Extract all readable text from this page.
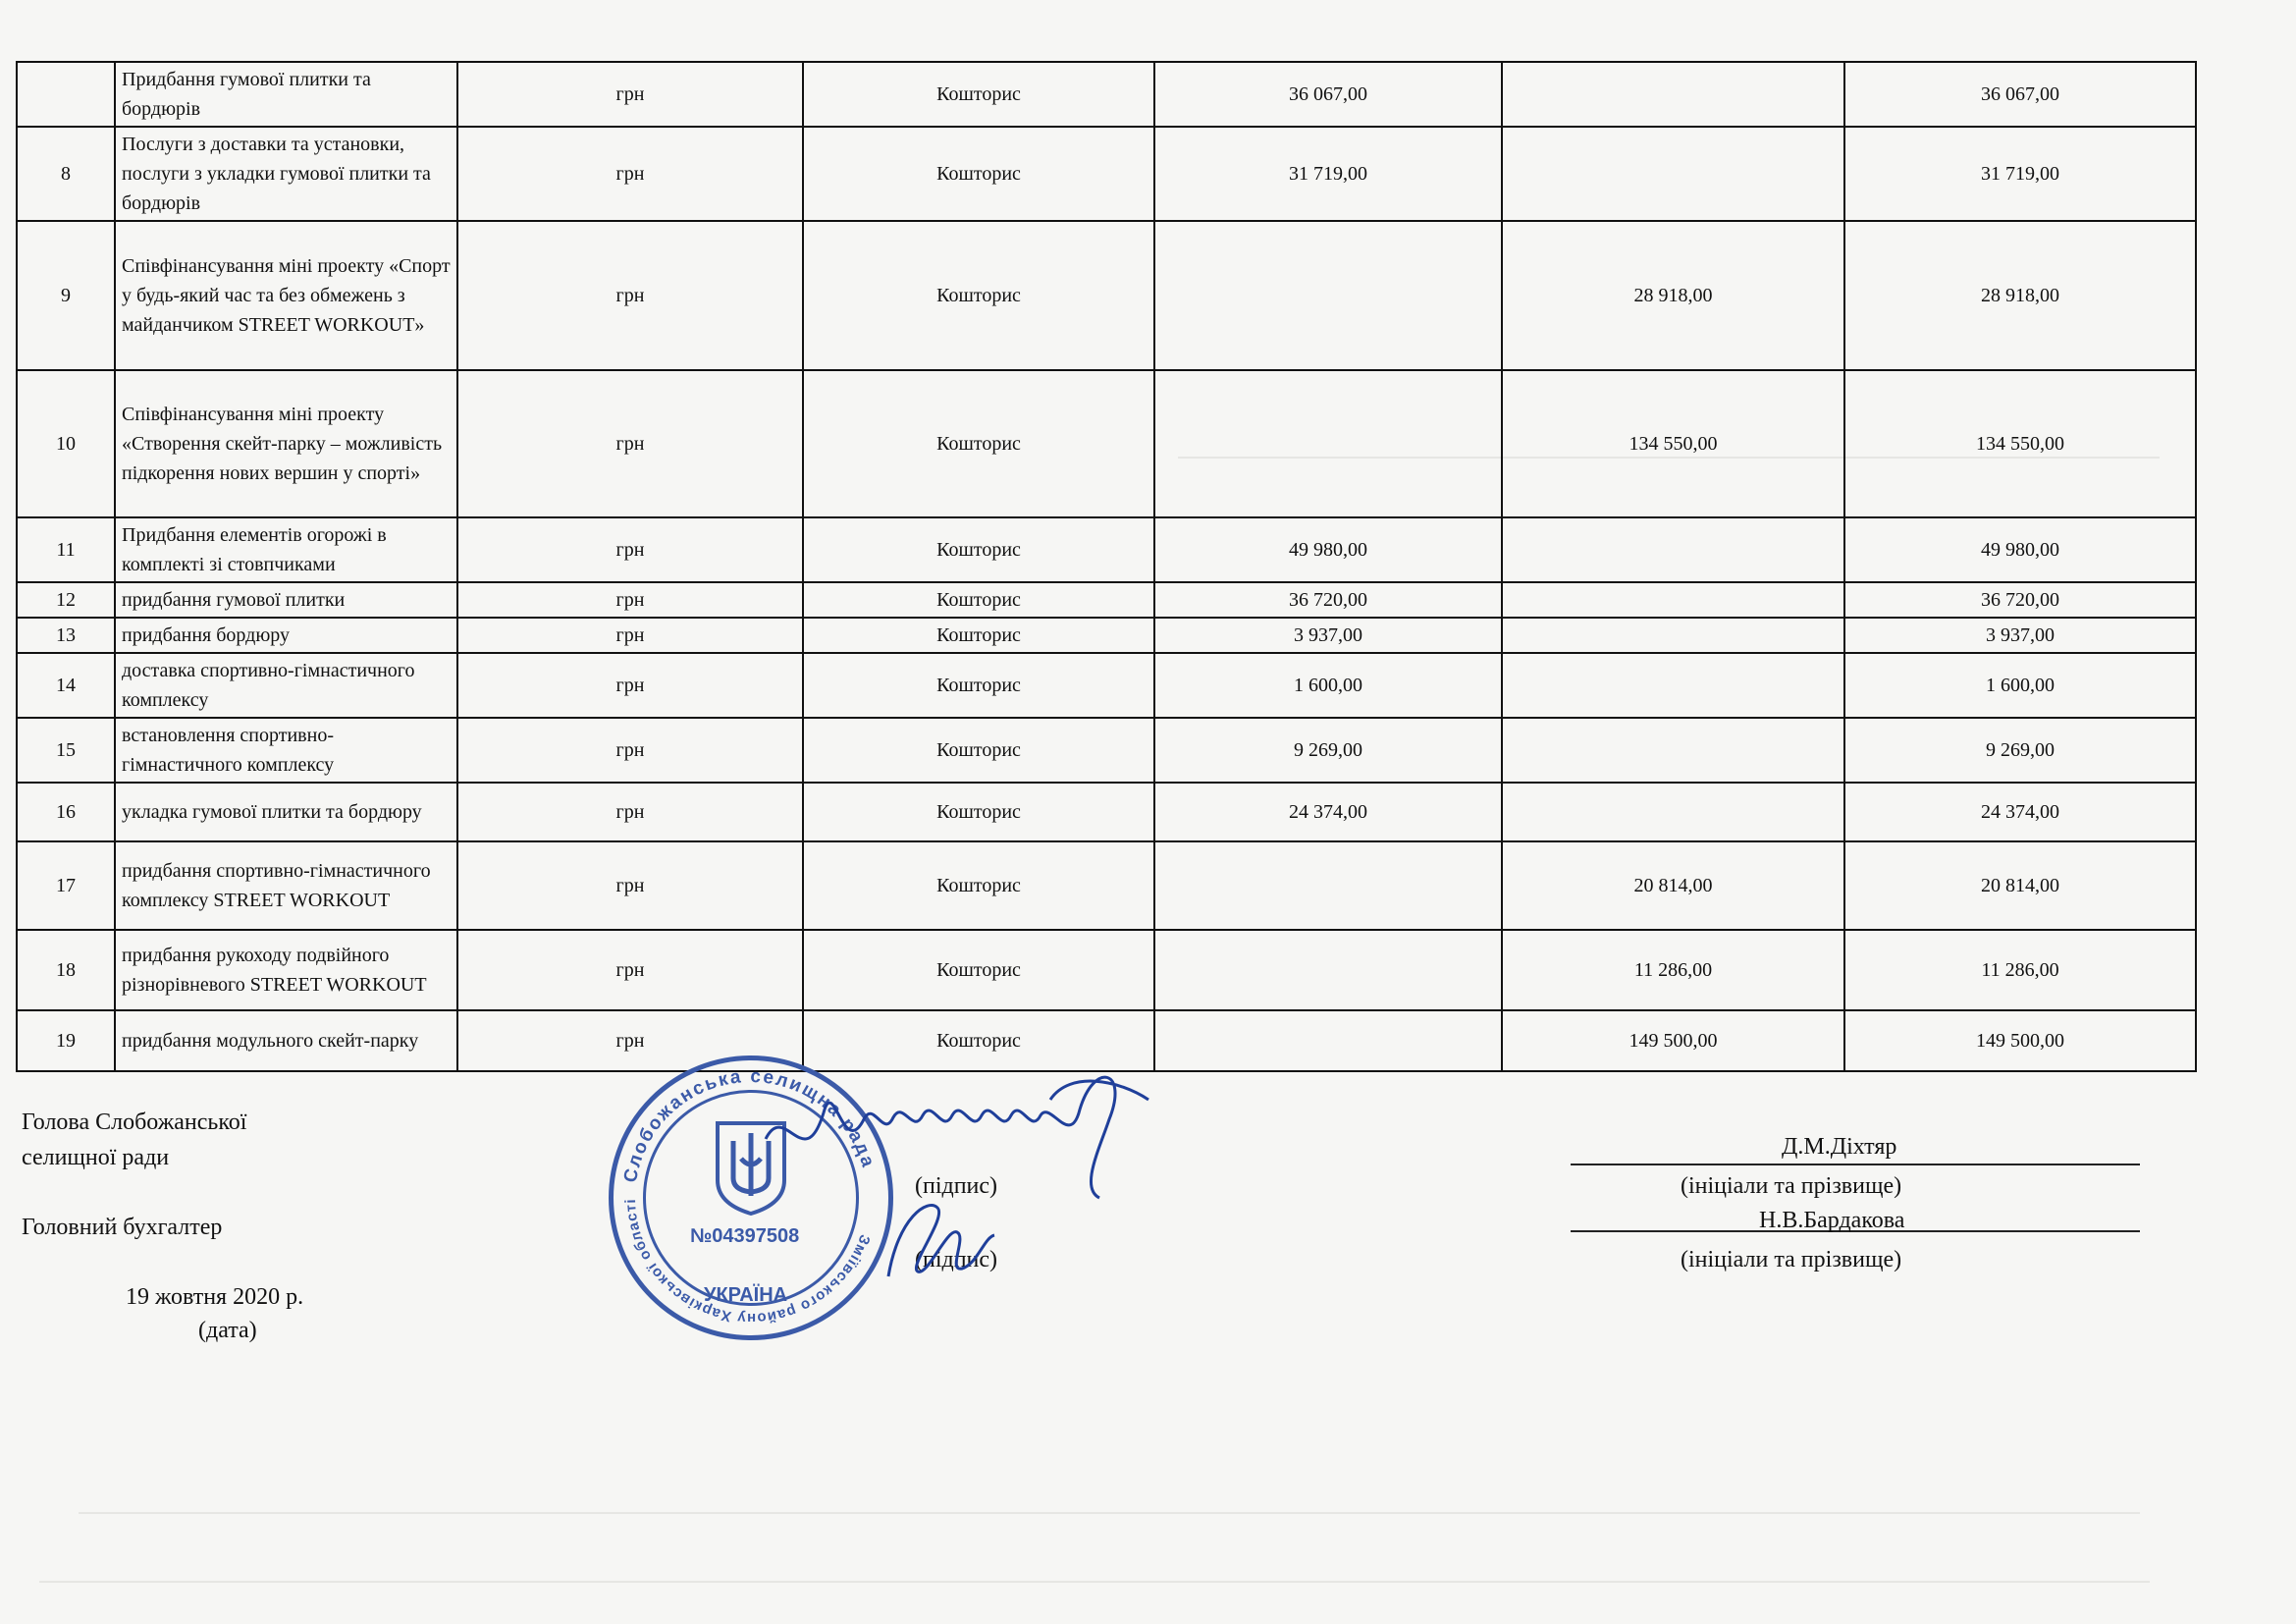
	Придбання гумової плитки та бордюрів	грн	Кошторис	36 067,00		36 067,00
8	Послуги з доставки та установки, послуги з укладки гумової плитки та бордюрів	грн	Кошторис	31 719,00		31 719,00
9	Співфінансування міні проекту «Спорт у будь-який час та без обмежень з майданчиком STREET WORKOUT»	грн	Кошторис		28 918,00	28 918,00
10	Співфінансування міні проекту «Створення скейт-парку – можливість підкорення нових вершин у спорті»	грн	Кошторис		134 550,00	134 550,00
11	Придбання елементів огорожі в комплекті зі стовпчиками	грн	Кошторис	49 980,00		49 980,00
12	придбання гумової плитки	грн	Кошторис	36 720,00		36 720,00
13	придбання бордюру	грн	Кошторис	3 937,00		3 937,00
14	доставка спортивно-гімнастичного комплексу	грн	Кошторис	1 600,00		1 600,00
15	встановлення спортивно-гімнастичного комплексу	грн	Кошторис	9 269,00		9 269,00
16	укладка гумової плитки та бордюру	грн	Кошторис	24 374,00		24 374,00
17	придбання спортивно-гімнастичного комплексу STREET WORKOUT	грн	Кошторис		20 814,00	20 814,00
18	придбання рукоходу подвійного різнорівневого STREET WORKOUT	грн	Кошторис		11 286,00	11 286,00
19	придбання модульного скейт-парку	грн	Кошторис		149 500,00	149 500,00
Голова Слобожанської
селищної ради
(підпис)
Д.М.Діхтяр
(ініціали та прізвище)
Головний бухгалтер
(підпис)
Н.В.Бардакова
(ініціали та прізвище)
19 жовтня 2020 р.
(дата)
Слобожанська селищна рада
Зміївського району Харківської області
№04397508
УКРАЇНА
